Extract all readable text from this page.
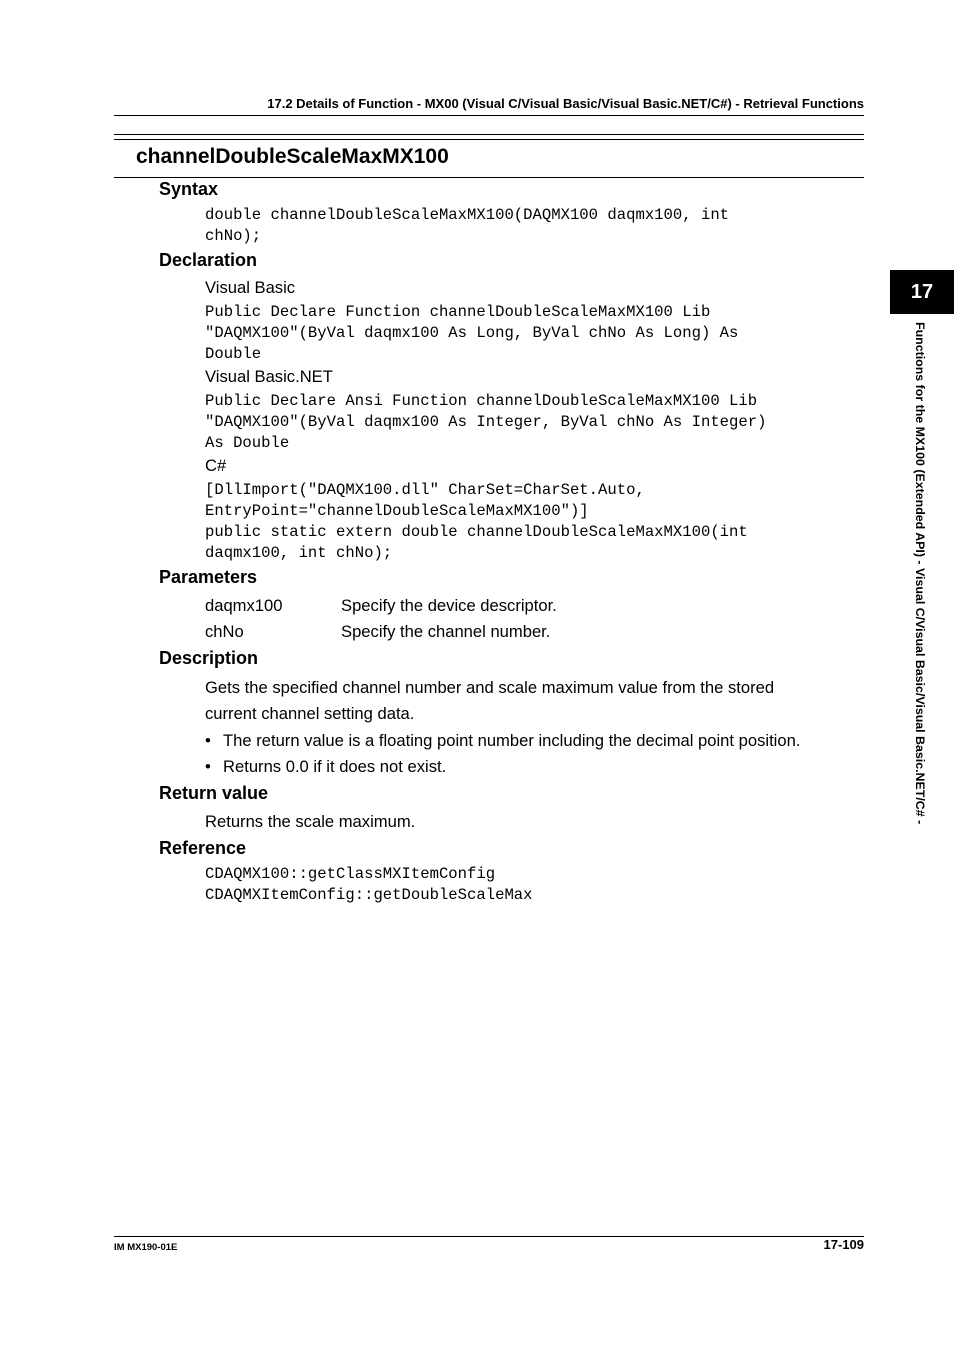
17.2 Details of Function - MX00 (Visual C/Visual Basic/Visual Basic.NET/C#) - Retrieval Functions
channelDoubleScaleMaxMX100
Syntax
double channelDoubleScaleMaxMX100(DAQMX100 daqmx100, int
chNo);
Declaration
Visual Basic
Public Declare Function channelDoubleScaleMaxMX100 Lib
"DAQMX100"(ByVal daqmx100 As Long, ByVal chNo As Long) As
Double
Visual Basic.NET
Public Declare Ansi Function channelDoubleScaleMaxMX100 Lib
"DAQMX100"(ByVal daqmx100 As Integer, ByVal chNo As Integer)
As Double
C#
[DllImport("DAQMX100.dll" CharSet=CharSet.Auto,
EntryPoint="channelDoubleScaleMaxMX100")]
public static extern double channelDoubleScaleMaxMX100(int
daqmx100, int chNo);
Parameters
daqmx100	Specify the device descriptor.
chNo	Specify the channel number.
Description
Gets the specified channel number and scale maximum value from the stored
current channel setting data.
• The return value is a floating point number including the decimal point position.
• Returns 0.0 if it does not exist.
Return value
Returns the scale maximum.
Reference
CDAQMX100::getClassMXItemConfig
CDAQMXItemConfig::getDoubleScaleMax
17
Functions for the MX100 (Extended API) - Visual C/Visual Basic/Visual Basic.NET/C# -
IM MX190-01E	17-109
